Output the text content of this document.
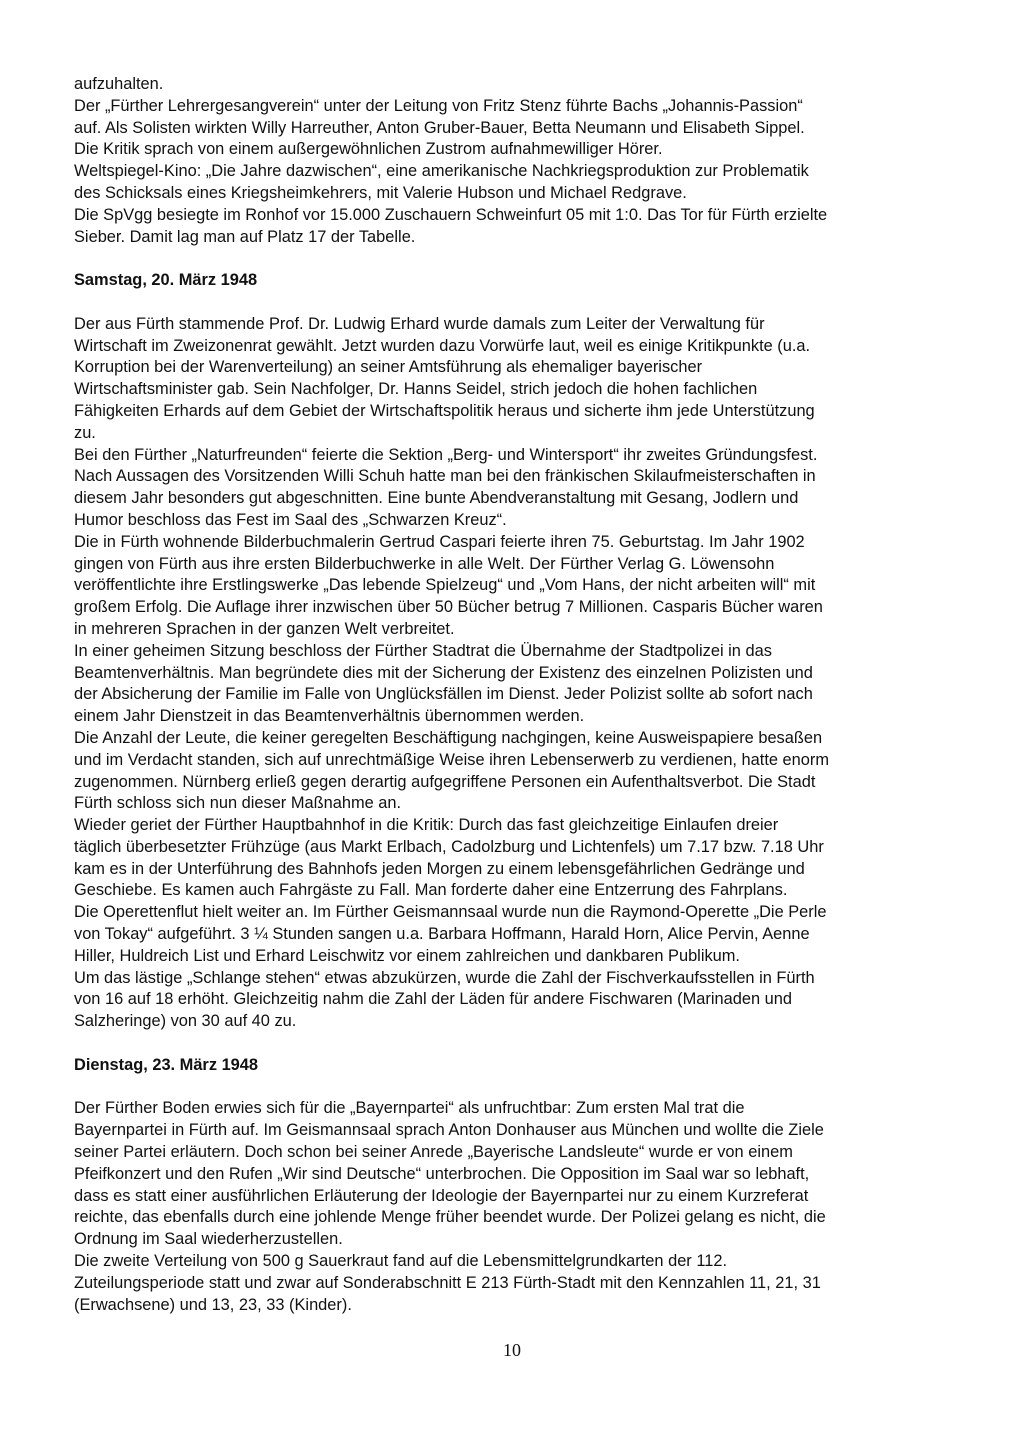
aufzuhalten.
Der „Fürther Lehrergesangverein“ unter der Leitung von Fritz Stenz führte Bachs „Johannis-Passion“
auf. Als Solisten wirkten Willy Harreuther, Anton Gruber-Bauer, Betta Neumann und Elisabeth Sippel.
Die Kritik sprach von einem außergewöhnlichen Zustrom aufnahmewilliger Hörer.
Weltspiegel-Kino: „Die Jahre dazwischen“, eine amerikanische Nachkriegsproduktion zur Problematik
des Schicksals eines Kriegsheimkehrers, mit Valerie Hubson und Michael Redgrave.
Die SpVgg besiegte im Ronhof vor 15.000 Zuschauern Schweinfurt 05 mit 1:0. Das Tor für Fürth erzielte
Sieber. Damit lag man auf Platz 17 der Tabelle.

Samstag, 20. März 1948

Der aus Fürth stammende Prof. Dr. Ludwig Erhard wurde damals zum Leiter der Verwaltung für
Wirtschaft im Zweizonenrat gewählt. Jetzt wurden dazu Vorwürfe laut, weil es einige Kritikpunkte (u.a.
Korruption bei der Warenverteilung) an seiner Amtsführung als ehemaliger bayerischer
Wirtschaftsminister gab. Sein Nachfolger, Dr. Hanns Seidel, strich jedoch die hohen fachlichen
Fähigkeiten Erhards auf dem Gebiet der Wirtschaftspolitik heraus und sicherte ihm jede Unterstützung
zu.
Bei den Fürther „Naturfreunden“ feierte die Sektion „Berg- und Wintersport“ ihr zweites Gründungsfest.
Nach Aussagen des Vorsitzenden Willi Schuh hatte man bei den fränkischen Skilaufmeisterschaften in
diesem Jahr besonders gut abgeschnitten. Eine bunte Abendveranstaltung mit Gesang, Jodlern und
Humor beschloss das Fest im Saal des „Schwarzen Kreuz“.
Die in Fürth wohnende Bilderbuchmalerin Gertrud Caspari feierte ihren 75. Geburtstag. Im Jahr 1902
gingen von Fürth aus ihre ersten Bilderbuchwerke in alle Welt. Der Fürther Verlag G. Löwensohn
veröffentlichte ihre Erstlingswerke „Das lebende Spielzeug“ und „Vom Hans, der nicht arbeiten will“ mit
großem Erfolg. Die Auflage ihrer inzwischen über 50 Bücher betrug 7 Millionen. Casparis Bücher waren
in mehreren Sprachen in der ganzen Welt verbreitet.
In einer geheimen Sitzung beschloss der Fürther Stadtrat die Übernahme der Stadtpolizei in das
Beamtenverhältnis. Man begründete dies mit der Sicherung der Existenz des einzelnen Polizisten und
der Absicherung der Familie im Falle von Unglücksfällen im Dienst. Jeder Polizist sollte ab sofort nach
einem Jahr Dienstzeit in das Beamtenverhältnis übernommen werden.
Die Anzahl der Leute, die keiner geregelten Beschäftigung nachgingen, keine Ausweispapiere besaßen
und im Verdacht standen, sich auf unrechtmäßige Weise ihren Lebenserwerb zu verdienen, hatte enorm
zugenommen. Nürnberg erließ gegen derartig aufgegriffene Personen ein Aufenthaltsverbot. Die Stadt
Fürth schloss sich nun dieser Maßnahme an.
Wieder geriet der Fürther Hauptbahnhof in die Kritik: Durch das fast gleichzeitige Einlaufen dreier
täglich überbesetzter Frühzüge (aus Markt Erlbach, Cadolzburg und Lichtenfels) um 7.17 bzw. 7.18 Uhr
kam es in der Unterführung des Bahnhofs jeden Morgen zu einem lebensgefährlichen Gedränge und
Geschiebe. Es kamen auch Fahrgäste zu Fall. Man forderte daher eine Entzerrung des Fahrplans.
Die Operettenflut hielt weiter an. Im Fürther Geismannsaal wurde nun die Raymond-Operette „Die Perle
von Tokay“ aufgeführt. 3 ¼ Stunden sangen u.a. Barbara Hoffmann, Harald Horn, Alice Pervin, Aenne
Hiller, Huldreich List und Erhard Leischwitz vor einem zahlreichen und dankbaren Publikum.
Um das lästige „Schlange stehen“ etwas abzukürzen, wurde die Zahl der Fischverkaufsstellen in Fürth
von 16 auf 18 erhöht. Gleichzeitig nahm die Zahl der Läden für andere Fischwaren (Marinaden und
Salzheringe) von 30 auf 40 zu.

Dienstag, 23. März 1948

Der Fürther Boden erwies sich für die „Bayernpartei“ als unfruchtbar: Zum ersten Mal trat die
Bayernpartei in Fürth auf. Im Geismannsaal sprach Anton Donhauser aus München und wollte die Ziele
seiner Partei erläutern. Doch schon bei seiner Anrede „Bayerische Landsleute“ wurde er von einem
Pfeifkonzert und den Rufen „Wir sind Deutsche“ unterbrochen. Die Opposition im Saal war so lebhaft,
dass es statt einer ausführlichen Erläuterung der Ideologie der Bayernpartei nur zu einem Kurzreferat
reichte, das ebenfalls durch eine johlende Menge früher beendet wurde. Der Polizei gelang es nicht, die
Ordnung im Saal wiederherzustellen.
Die zweite Verteilung von 500 g Sauerkraut fand auf die Lebensmittelgrundkarten der 112.
Zuteilungsperiode statt und zwar auf Sonderabschnitt E 213 Fürth-Stadt mit den Kennzahlen 11, 21, 31
(Erwachsene) und 13, 23, 33 (Kinder).

10
